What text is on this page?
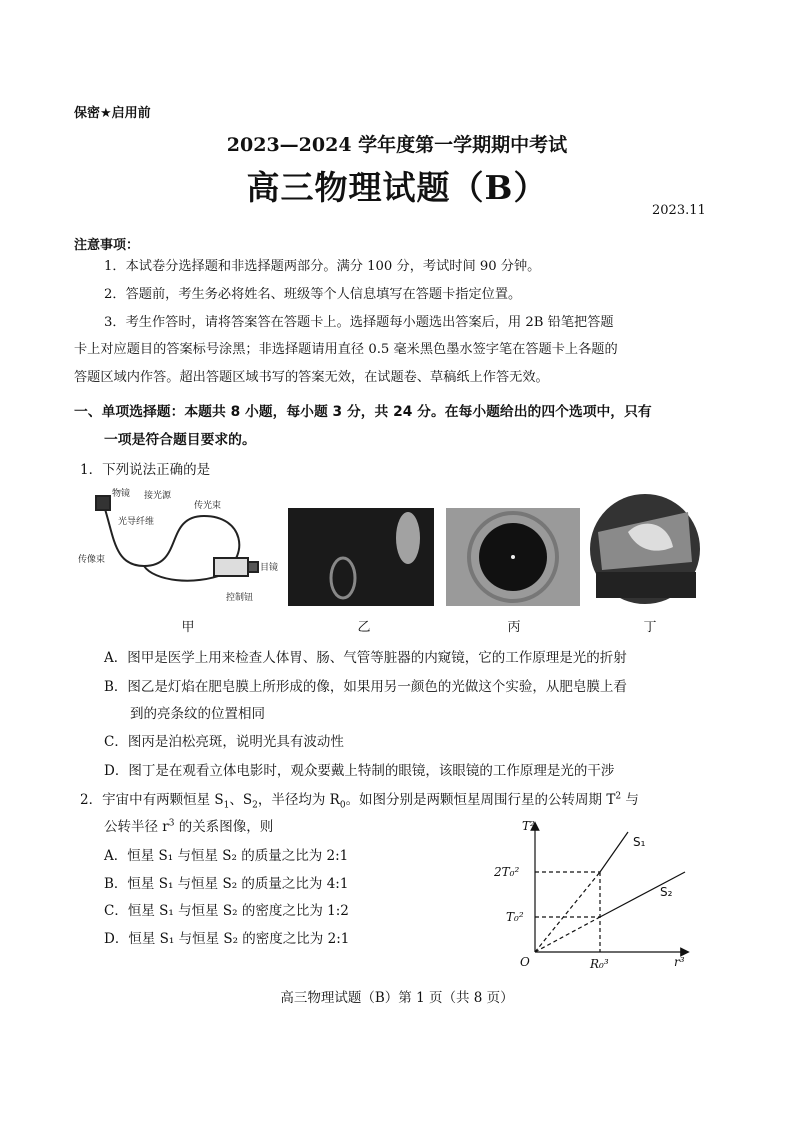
保密★启用前
2023—2024 学年度第一学期期中考试
高三物理试题（B）
2023.11
注意事项：
1．本试卷分选择题和非选择题两部分。满分 100 分，考试时间 90 分钟。
2．答题前，考生务必将姓名、班级等个人信息填写在答题卡指定位置。
3．考生作答时，请将答案答在答题卡上。选择题每小题选出答案后，用 2B 铅笔把答题
卡上对应题目的答案标号涂黑；非选择题请用直径 0.5 毫米黑色墨水签字笔在答题卡上各题的
答题区域内作答。超出答题区域书写的答案无效，在试题卷、草稿纸上作答无效。
一、单项选择题：本题共 8 小题，每小题 3 分，共 24 分。在每小题给出的四个选项中，只有
一项是符合题目要求的。
1．下列说法正确的是
物镜 接光源
传光束
光导纤维
传像束
目镜
控制钮
甲	乙	丙	丁
A．图甲是医学上用来检查人体胃、肠、气管等脏器的内窥镜，它的工作原理是光的折射
B．图乙是灯焰在肥皂膜上所形成的像，如果用另一颜色的光做这个实验，从肥皂膜上看
到的亮条纹的位置相同
C．图丙是泊松亮斑，说明光具有波动性
D．图丁是在观看立体电影时，观众要戴上特制的眼镜，该眼镜的工作原理是光的干涉
2．宇宙中有两颗恒星 $S_1$、$S_2$，半径均为 $R_0$。如图分别是两颗恒星周围行星的公转周期 $T^2$ 与
公转半径 $r^3$ 的关系图像，则
A．恒星 S₁ 与恒星 S₂ 的质量之比为 2:1
B．恒星 S₁ 与恒星 S₂ 的质量之比为 4:1
C．恒星 S₁ 与恒星 S₂ 的密度之比为 1:2
D．恒星 S₁ 与恒星 S₂ 的密度之比为 2:1
T²
r³
O
2T₀²
T₀²
R₀³
S₁
S₂
高三物理试题（B）第 1 页（共 8 页）
